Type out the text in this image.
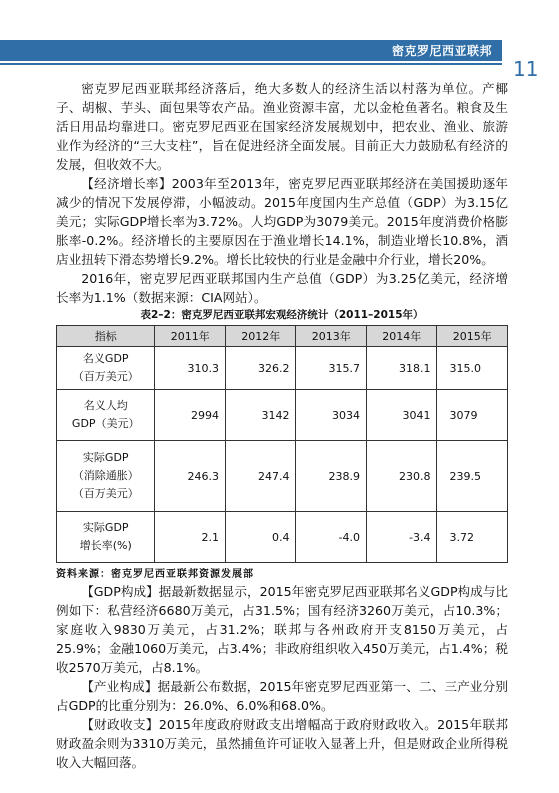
密克罗尼西亚联邦
11

密克罗尼西亚联邦经济落后，绝大多数人的经济生活以村落为单位。产椰子、胡椒、芋头、面包果等农产品。渔业资源丰富，尤以金枪鱼著名。粮食及生活日用品均靠进口。密克罗尼西亚在国家经济发展规划中，把农业、渔业、旅游业作为经济的“三大支柱”，旨在促进经济全面发展。目前正大力鼓励私有经济的发展，但收效不大。

【经济增长率】2003年至2013年，密克罗尼西亚联邦经济在美国援助逐年减少的情况下发展停滞，小幅波动。2015年度国内生产总值（GDP）为3.15亿美元；实际GDP增长率为3.72%。人均GDP为3079美元。2015年度消费价格膨胀率-0.2%。经济增长的主要原因在于渔业增长14.1%，制造业增长10.8%，酒店业扭转下滑态势增长9.2%。增长比较快的行业是金融中介行业，增长20%。

2016年，密克罗尼西亚联邦国内生产总值（GDP）为3.25亿美元，经济增长率为1.1%（数据来源：CIA网站）。

表2–2：密克罗尼西亚联邦宏观经济统计（2011–2015年）
指标	2011年	2012年	2013年	2014年	2015年
名义GDP
（百万美元）	310.3	326.2	315.7	318.1	315.0
名义人均
GDP（美元）	2994	3142	3034	3041	3079
实际GDP
（消除通胀）
（百万美元）	246.3	247.4	238.9	230.8	239.5
实际GDP
增长率(%)	2.1	0.4	-4.0	-3.4	3.72
资料来源：密克罗尼西亚联邦资源发展部

【GDP构成】据最新数据显示，2015年密克罗尼西亚联邦名义GDP构成与比例如下：私营经济6680万美元，占31.5%；国有经济3260万美元，占10.3%；家庭收入9830万美元，占31.2%；联邦与各州政府开支8150万美元，占25.9%；金融1060万美元，占3.4%；非政府组织收入450万美元，占1.4%；税收2570万美元，占8.1%。

【产业构成】据最新公布数据，2015年密克罗尼西亚第一、二、三产业分别占GDP的比重分别为：26.0%、6.0%和68.0%。

【财政收支】2015年度政府财政支出增幅高于政府财政收入。2015年联邦财政盈余则为3310万美元，虽然捕鱼许可证收入显著上升，但是财政企业所得税收入大幅回落。
